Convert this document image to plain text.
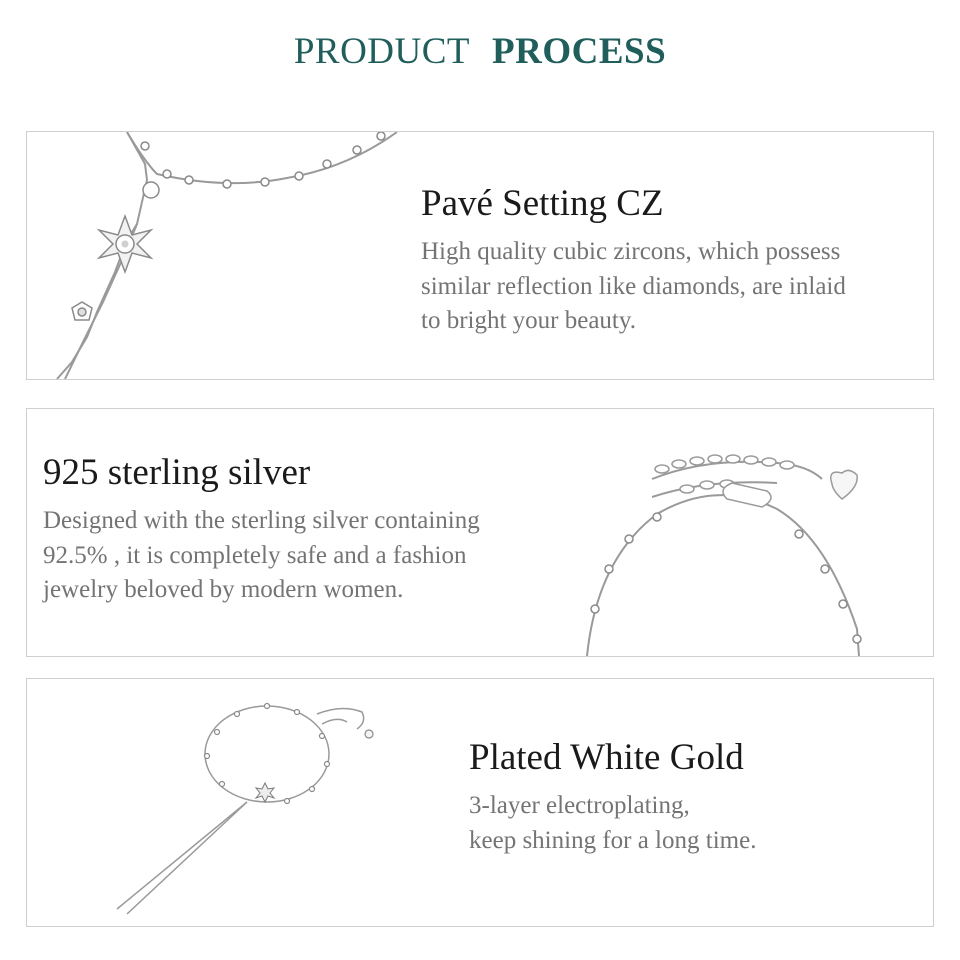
PRODUCT PROCESS
Pavé Setting CZ
High quality cubic zircons, which possess
similar reflection like diamonds, are inlaid
to bright your beauty.
925 sterling silver
Designed with the sterling silver containing
92.5% , it is completely safe and a fashion
jewelry beloved by modern women.
Plated White Gold
3-layer electroplating,
keep shining for a long time.
